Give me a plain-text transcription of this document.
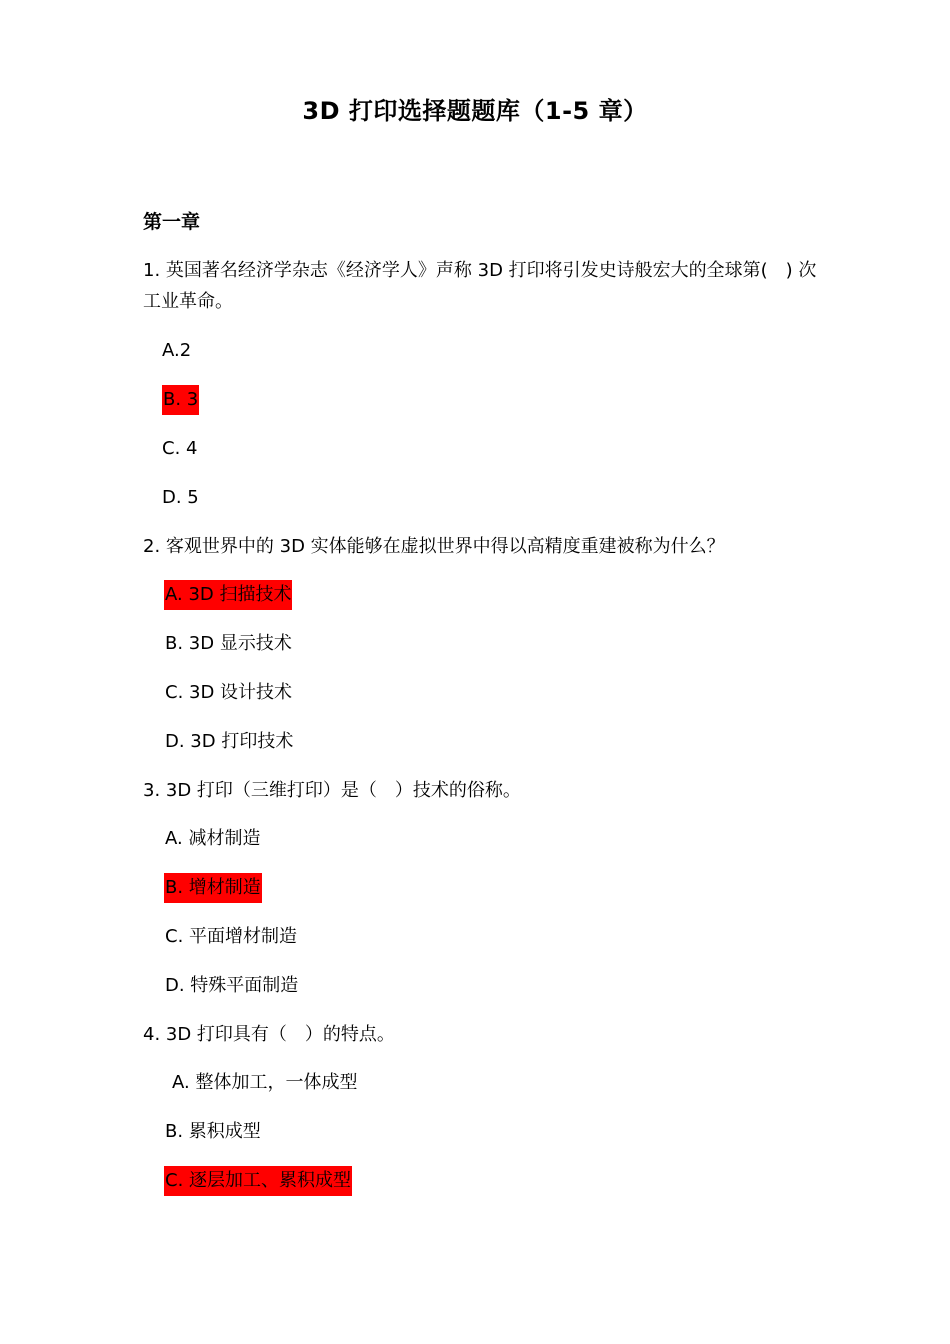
3D 打印选择题题库（1-5 章）
第一章
1. 英国著名经济学杂志《经济学人》声称 3D 打印将引发史诗般宏大的全球第(　) 次工业革命。
A.2
B. 3
C. 4
D. 5
2. 客观世界中的 3D 实体能够在虚拟世界中得以高精度重建被称为什么？
A. 3D 扫描技术
B. 3D 显示技术
C. 3D 设计技术
D. 3D 打印技术
3. 3D 打印（三维打印）是（　）技术的俗称。
A. 减材制造
B. 增材制造
C. 平面增材制造
D. 特殊平面制造
4. 3D 打印具有（　）的特点。
A. 整体加工，一体成型
B. 累积成型
C. 逐层加工、累积成型
